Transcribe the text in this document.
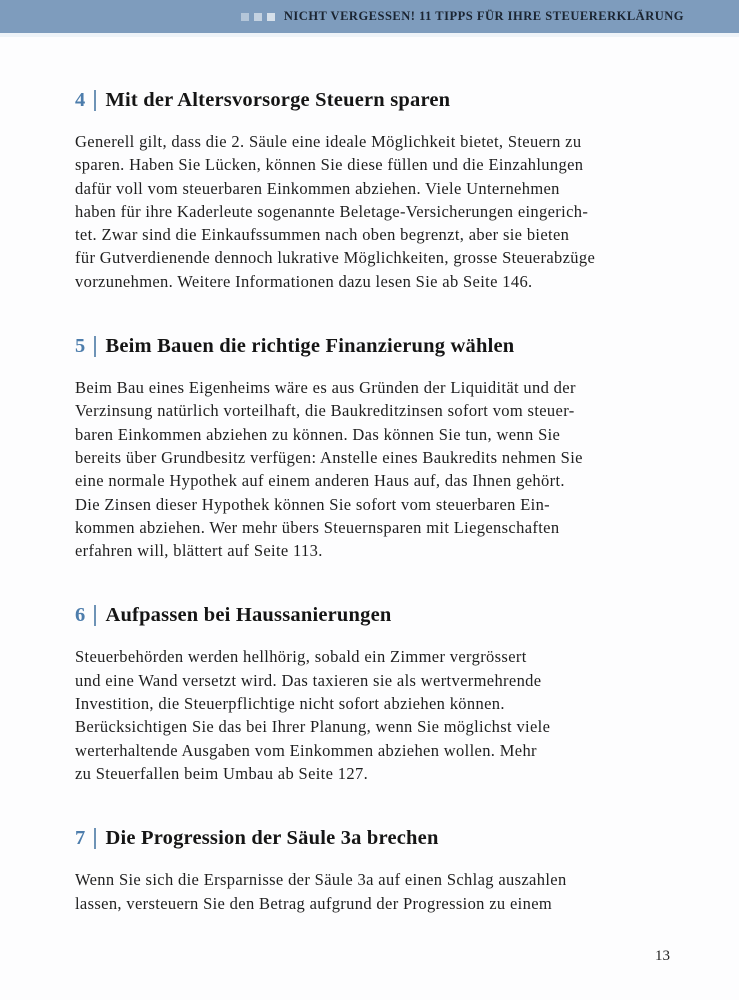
NICHT VERGESSEN! 11 TIPPS FÜR IHRE STEUERERKLÄRUNG
4 Mit der Altersvorsorge Steuern sparen

Generell gilt, dass die 2. Säule eine ideale Möglichkeit bietet, Steuern zu
sparen. Haben Sie Lücken, können Sie diese füllen und die Einzahlungen
dafür voll vom steuerbaren Einkommen abziehen. Viele Unternehmen
haben für ihre Kaderleute sogenannte Beletage-Versicherungen eingerich-
tet. Zwar sind die Einkaufssummen nach oben begrenzt, aber sie bieten
für Gutverdienende dennoch lukrative Möglichkeiten, grosse Steuerabzüge
vorzunehmen. Weitere Informationen dazu lesen Sie ab Seite 146.

5 Beim Bauen die richtige Finanzierung wählen

Beim Bau eines Eigenheims wäre es aus Gründen der Liquidität und der
Verzinsung natürlich vorteilhaft, die Baukreditzinsen sofort vom steuer-
baren Einkommen abziehen zu können. Das können Sie tun, wenn Sie
bereits über Grundbesitz verfügen: Anstelle eines Baukredits nehmen Sie
eine normale Hypothek auf einem anderen Haus auf, das Ihnen gehört.
Die Zinsen dieser Hypothek können Sie sofort vom steuerbaren Ein-
kommen abziehen. Wer mehr übers Steuernsparen mit Liegenschaften
erfahren will, blättert auf Seite 113.

6 Aufpassen bei Haussanierungen

Steuerbehörden werden hellhörig, sobald ein Zimmer vergrössert
und eine Wand versetzt wird. Das taxieren sie als wertvermehrende
Investition, die Steuerpflichtige nicht sofort abziehen können.
Berücksichtigen Sie das bei Ihrer Planung, wenn Sie möglichst viele
werterhaltende Ausgaben vom Einkommen abziehen wollen. Mehr
zu Steuerfallen beim Umbau ab Seite 127.

7 Die Progression der Säule 3a brechen

Wenn Sie sich die Ersparnisse der Säule 3a auf einen Schlag auszahlen
lassen, versteuern Sie den Betrag aufgrund der Progression zu einem

13
